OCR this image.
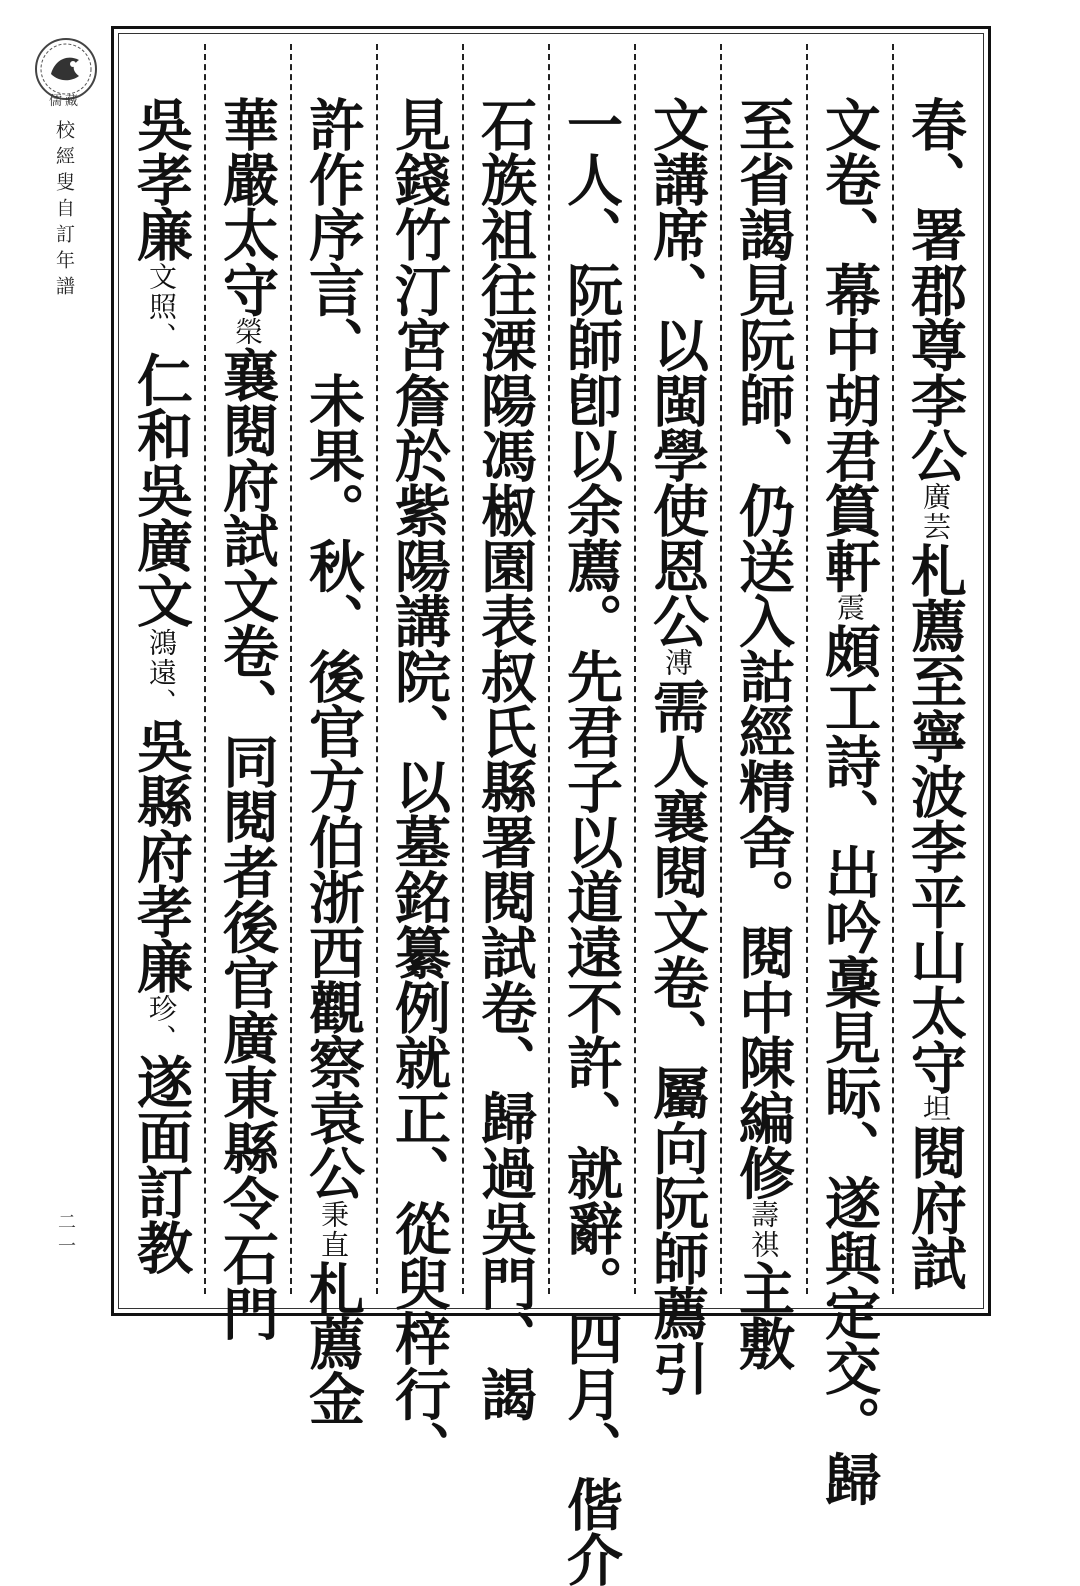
儒藏
校經叟自訂年譜
二一
春、署郡尊李公廣芸札薦至寧波李平山太守坦閱府試
文卷、幕中胡君篔軒震頗工詩、出吟稾見眎、遂與定交。歸
至省謁見阮師、仍送入詁經精舍。閱中陳編修壽祺主敷
文講席、以閩學使恩公溥需人襄閱文卷、屬向阮師薦引
一人、阮師卽以余薦。先君子以道遠不許、就辭。四月、偕介
石族祖往溧陽馮椒園表叔氏縣署閱試卷、歸過吳門、謁
見錢竹汀宮詹於紫陽講院、以墓銘纂例就正、從臾梓行、
許作序言、未果。秋、後官方伯浙西觀察袁公秉直札薦金
華嚴太守榮襄閱府試文卷、同閱者後官廣東縣令石門
吳孝廉文照、仁和吳廣文鴻遠、吳縣府孝廉珍、遂面訂教
